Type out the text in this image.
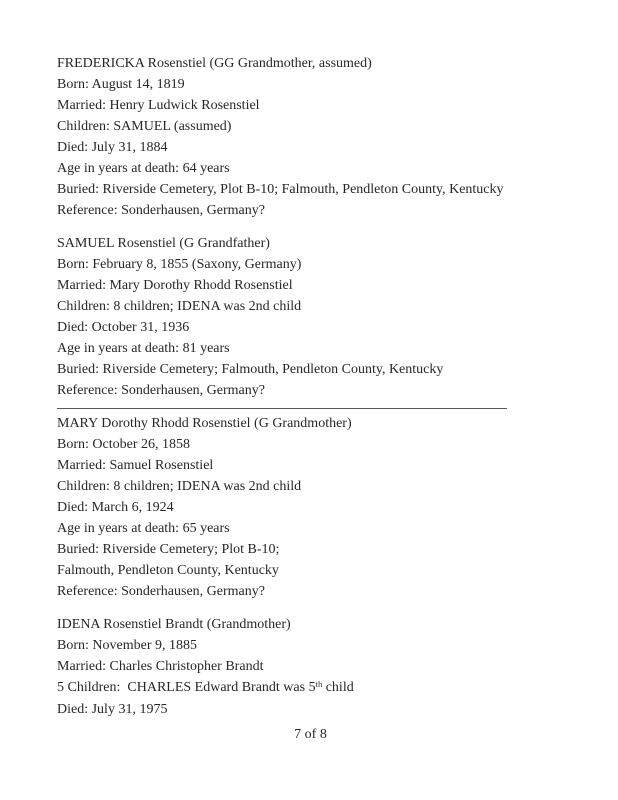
FREDERICKA Rosenstiel (GG Grandmother, assumed)

Born: August 14, 1819

Married: Henry Ludwick Rosenstiel

Children: SAMUEL (assumed)

Died: July 31, 1884

Age in years at death: 64 years

Buried: Riverside Cemetery, Plot B-10; Falmouth, Pendleton County, Kentucky

Reference: Sonderhausen, Germany?

SAMUEL Rosenstiel (G Grandfather)

Born: February 8, 1855 (Saxony, Germany)

Married: Mary Dorothy Rhodd Rosenstiel

Children: 8 children; IDENA was 2nd child

Died: October 31, 1936

Age in years at death: 81 years

Buried: Riverside Cemetery; Falmouth, Pendleton County, Kentucky

Reference: Sonderhausen, Germany?

MARY Dorothy Rhodd Rosenstiel (G Grandmother)

Born: October 26, 1858

Married: Samuel Rosenstiel

Children: 8 children; IDENA was 2nd child

Died: March 6, 1924

Age in years at death: 65 years

Buried: Riverside Cemetery; Plot B-10;

Falmouth, Pendleton County, Kentucky

Reference: Sonderhausen, Germany?

IDENA Rosenstiel Brandt (Grandmother)

Born: November 9, 1885

Married: Charles Christopher Brandt

5 Children:  CHARLES Edward Brandt was 5th child

Died: July 31, 1975

7 of 8
